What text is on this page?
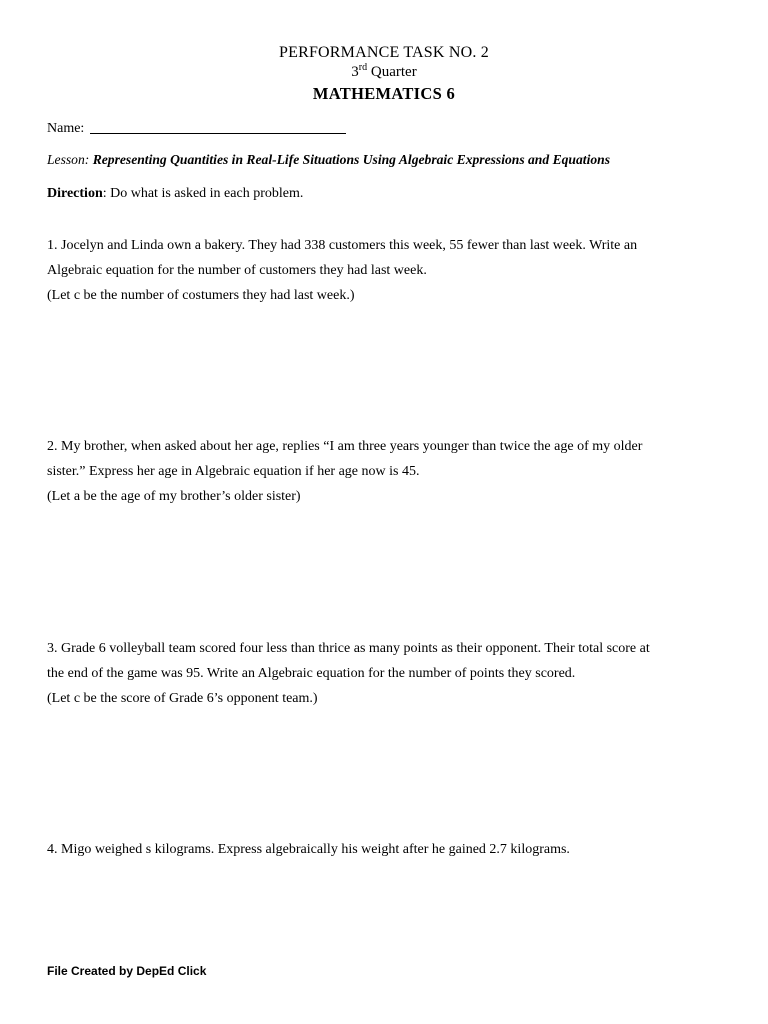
PERFORMANCE TASK NO. 2
3rd Quarter
MATHEMATICS 6
Name:
Lesson: Representing Quantities in Real-Life Situations Using Algebraic Expressions and Equations
Direction: Do what is asked in each problem.

1. Jocelyn and Linda own a bakery. They had 338 customers this week, 55 fewer than last week. Write an

Algebraic equation for the number of customers they had last week.

(Let c be the number of costumers they had last week.)

2. My brother, when asked about her age, replies “I am three years younger than twice the age of my older

sister.” Express her age in Algebraic equation if her age now is 45.

(Let a be the age of my brother’s older sister)

3. Grade 6 volleyball team scored four less than thrice as many points as their opponent. Their total score at

the end of the game was 95. Write an Algebraic equation for the number of points they scored.

(Let c be the score of Grade 6’s opponent team.)

4. Migo weighed s kilograms. Express algebraically his weight after he gained 2.7 kilograms.

File Created by DepEd Click
